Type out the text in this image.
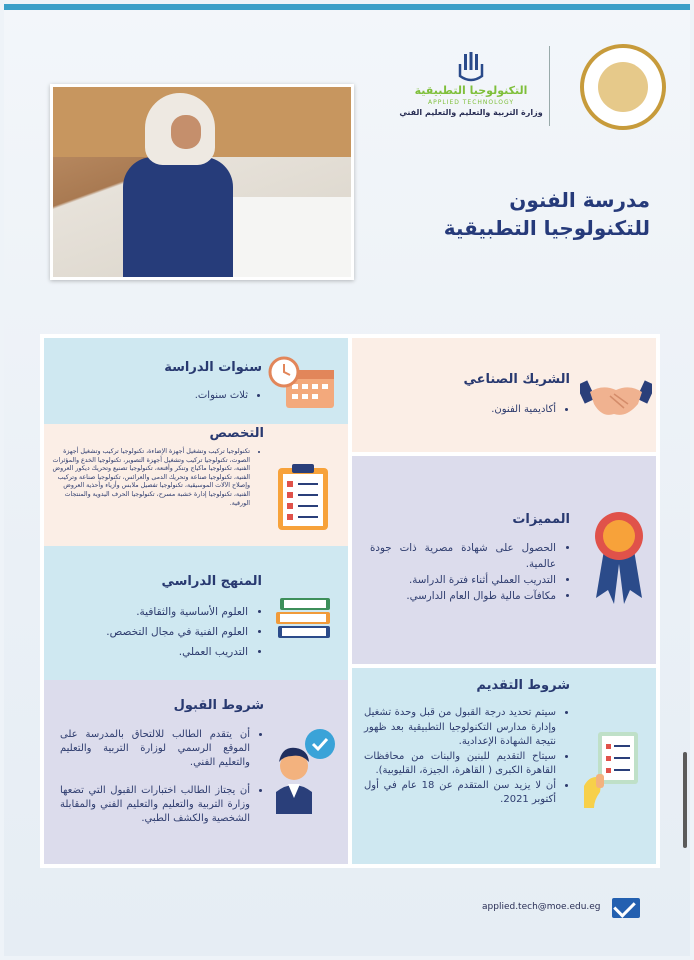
التكنولوجيا التطبيقية
APPLIED TECHNOLOGY
وزارة التربية والتعليم والتعليم الفني
مدرسة الفنون
للتكنولوجيا التطبيقية
سنوات الدراسة
• ثلاث سنوات.
التخصص
• تكنولوجيا تركيب وتشغيل أجهزة الإضاءة، تكنولوجيا تركيب وتشغيل أجهزة الصوت، تكنولوجيا تركيب وتشغيل أجهزة التصوير، تكنولوجيا الخدع والمؤثرات الفنية، تكنولوجيا ماكياج وتنكر وأقنعة، تكنولوجيا تصنيع وتحريك ديكور العروض الفنية، تكنولوجيا صناعة وتحريك الدمى والعرائس، تكنولوجيا صناعة وتركيب وإصلاح الآلات الموسيقية، تكنولوجيا تفصيل ملابس وأزياء وأحذية العروض الفنية، تكنولوجيا إدارة خشبة مسرح، تكنولوجيا الحرف اليدوية والمنتجات الورقية.
المنهج الدراسي
• العلوم الأساسية والثقافية.
• العلوم الفنية في مجال التخصص.
• التدريب العملي.
شروط القبول
• أن يتقدم الطالب للالتحاق بالمدرسة على الموقع الرسمي لوزارة التربية والتعليم والتعليم الفني.
• أن يجتاز الطالب اختبارات القبول التي تضعها وزارة التربية والتعليم والتعليم الفني والمقابلة الشخصية والكشف الطبي.
الشريك الصناعي
• أكاديمية الفنون.
المميزات
• الحصول على شهادة مصرية ذات جودة عالمية.
• التدريب العملي أثناء فترة الدراسة.
• مكافآت مالية طوال العام الدارسي.
شروط التقديم
• سيتم تحديد درجة القبول من قبل وحدة تشغيل وإدارة مدارس التكنولوجيا التطبيقية بعد ظهور نتيجة الشهادة الإعدادية.
• سيتاح التقديم للبنين والبنات من محافظات القاهرة الكبرى ( القاهرة، الجيزة، القليوبية).
• أن لا يزيد سن المتقدم عن 18 عام في أول أكتوبر 2021.
applied.tech@moe.edu.eg
